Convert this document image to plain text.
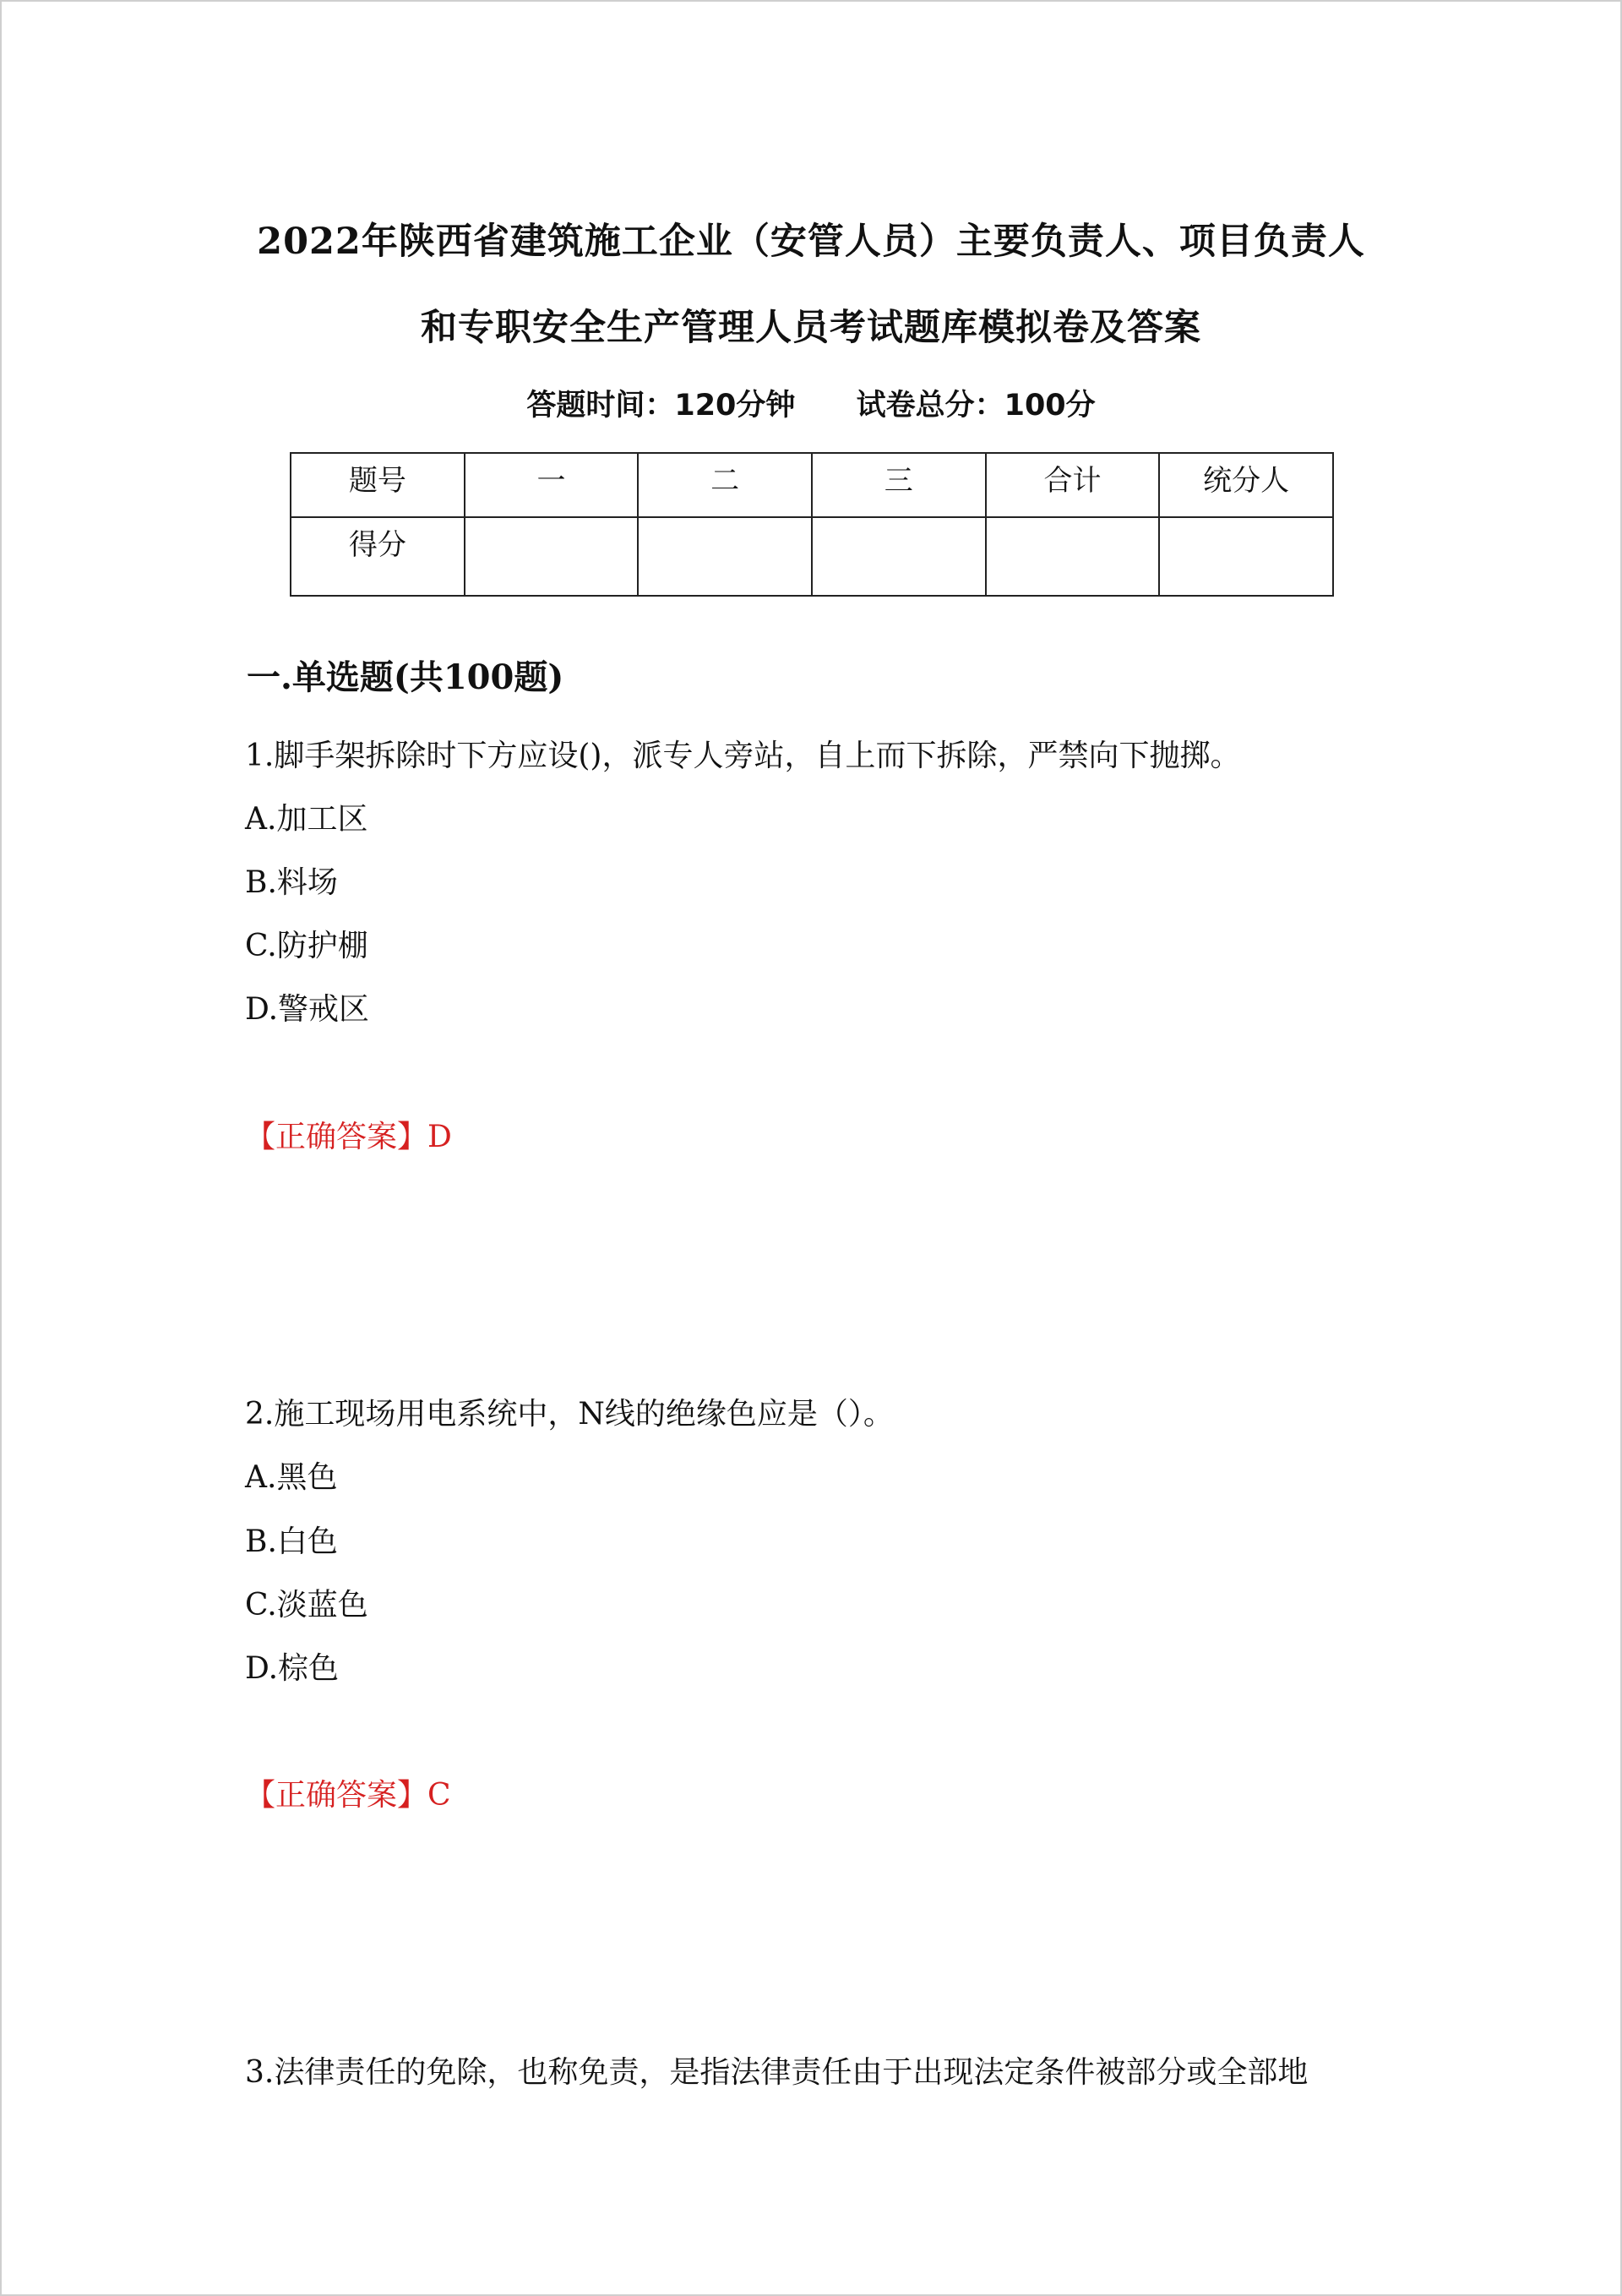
2022年陕西省建筑施工企业（安管人员）主要负责人、项目负责人
和专职安全生产管理人员考试题库模拟卷及答案
答题时间：120分钟 试卷总分：100分
题号	一	二	三	合计	统分人
得分					
一.单选题(共100题)
1.脚手架拆除时下方应设()，派专人旁站，自上而下拆除，严禁向下抛掷。
A.加工区
B.料场
C.防护棚
D.警戒区
【正确答案】D
2.施工现场用电系统中，N线的绝缘色应是（）。
A.黑色
B.白色
C.淡蓝色
D.棕色
【正确答案】C
3.法律责任的免除，也称免责，是指法律责任由于出现法定条件被部分或全部地
